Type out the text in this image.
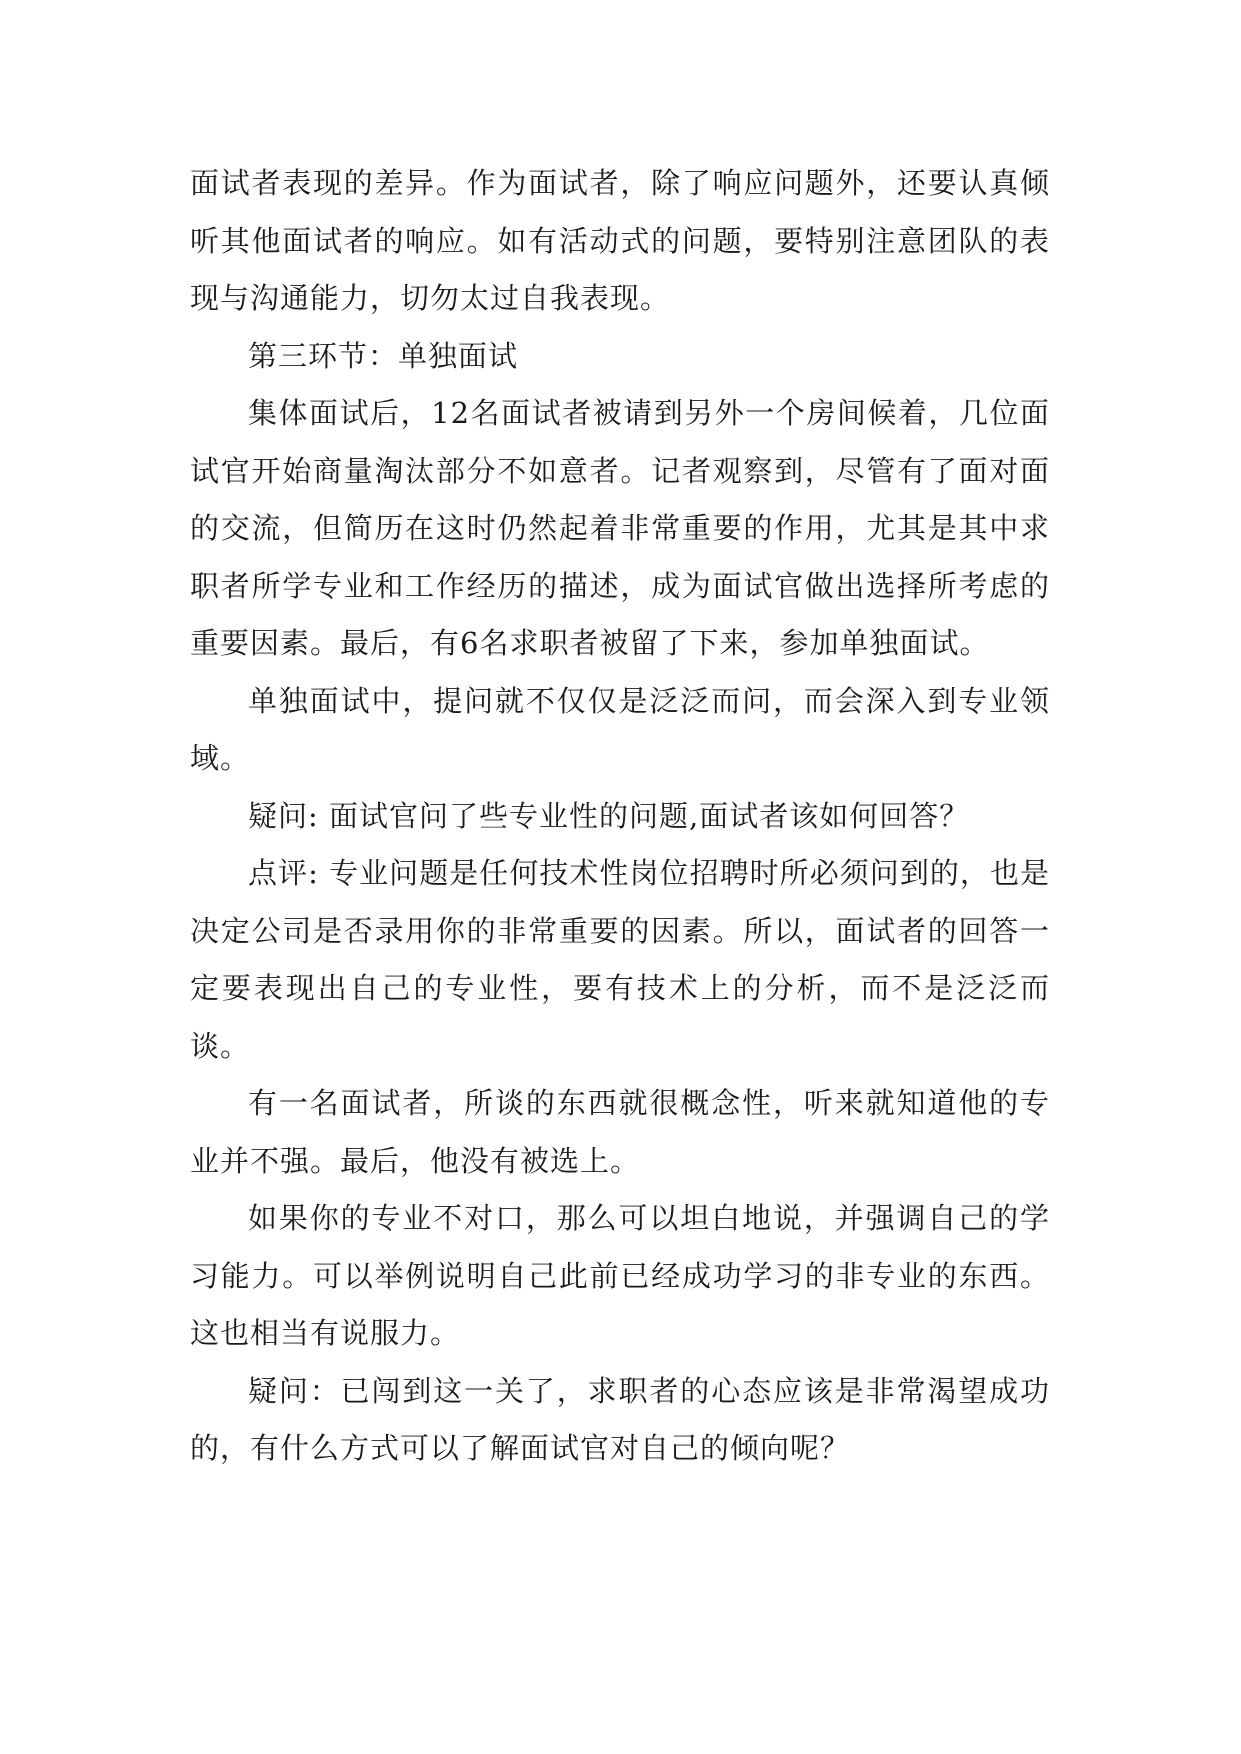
面试者表现的差异。作为面试者，除了响应问题外，还要认真倾听其他面试者的响应。如有活动式的问题，要特别注意团队的表现与沟通能力，切勿太过自我表现。

第三环节：单独面试

集体面试后，12名面试者被请到另外一个房间候着，几位面试官开始商量淘汰部分不如意者。记者观察到，尽管有了面对面的交流，但简历在这时仍然起着非常重要的作用，尤其是其中求职者所学专业和工作经历的描述，成为面试官做出选择所考虑的重要因素。最后，有6名求职者被留了下来，参加单独面试。

单独面试中，提问就不仅仅是泛泛而问，而会深入到专业领域。

疑问: 面试官问了些专业性的问题,面试者该如何回答？

点评: 专业问题是任何技术性岗位招聘时所必须问到的，也是决定公司是否录用你的非常重要的因素。所以，面试者的回答一定要表现出自己的专业性，要有技术上的分析，而不是泛泛而谈。

有一名面试者，所谈的东西就很概念性，听来就知道他的专业并不强。最后，他没有被选上。

如果你的专业不对口，那么可以坦白地说，并强调自己的学习能力。可以举例说明自己此前已经成功学习的非专业的东西。这也相当有说服力。

疑问：已闯到这一关了，求职者的心态应该是非常渴望成功的，有什么方式可以了解面试官对自己的倾向呢？
